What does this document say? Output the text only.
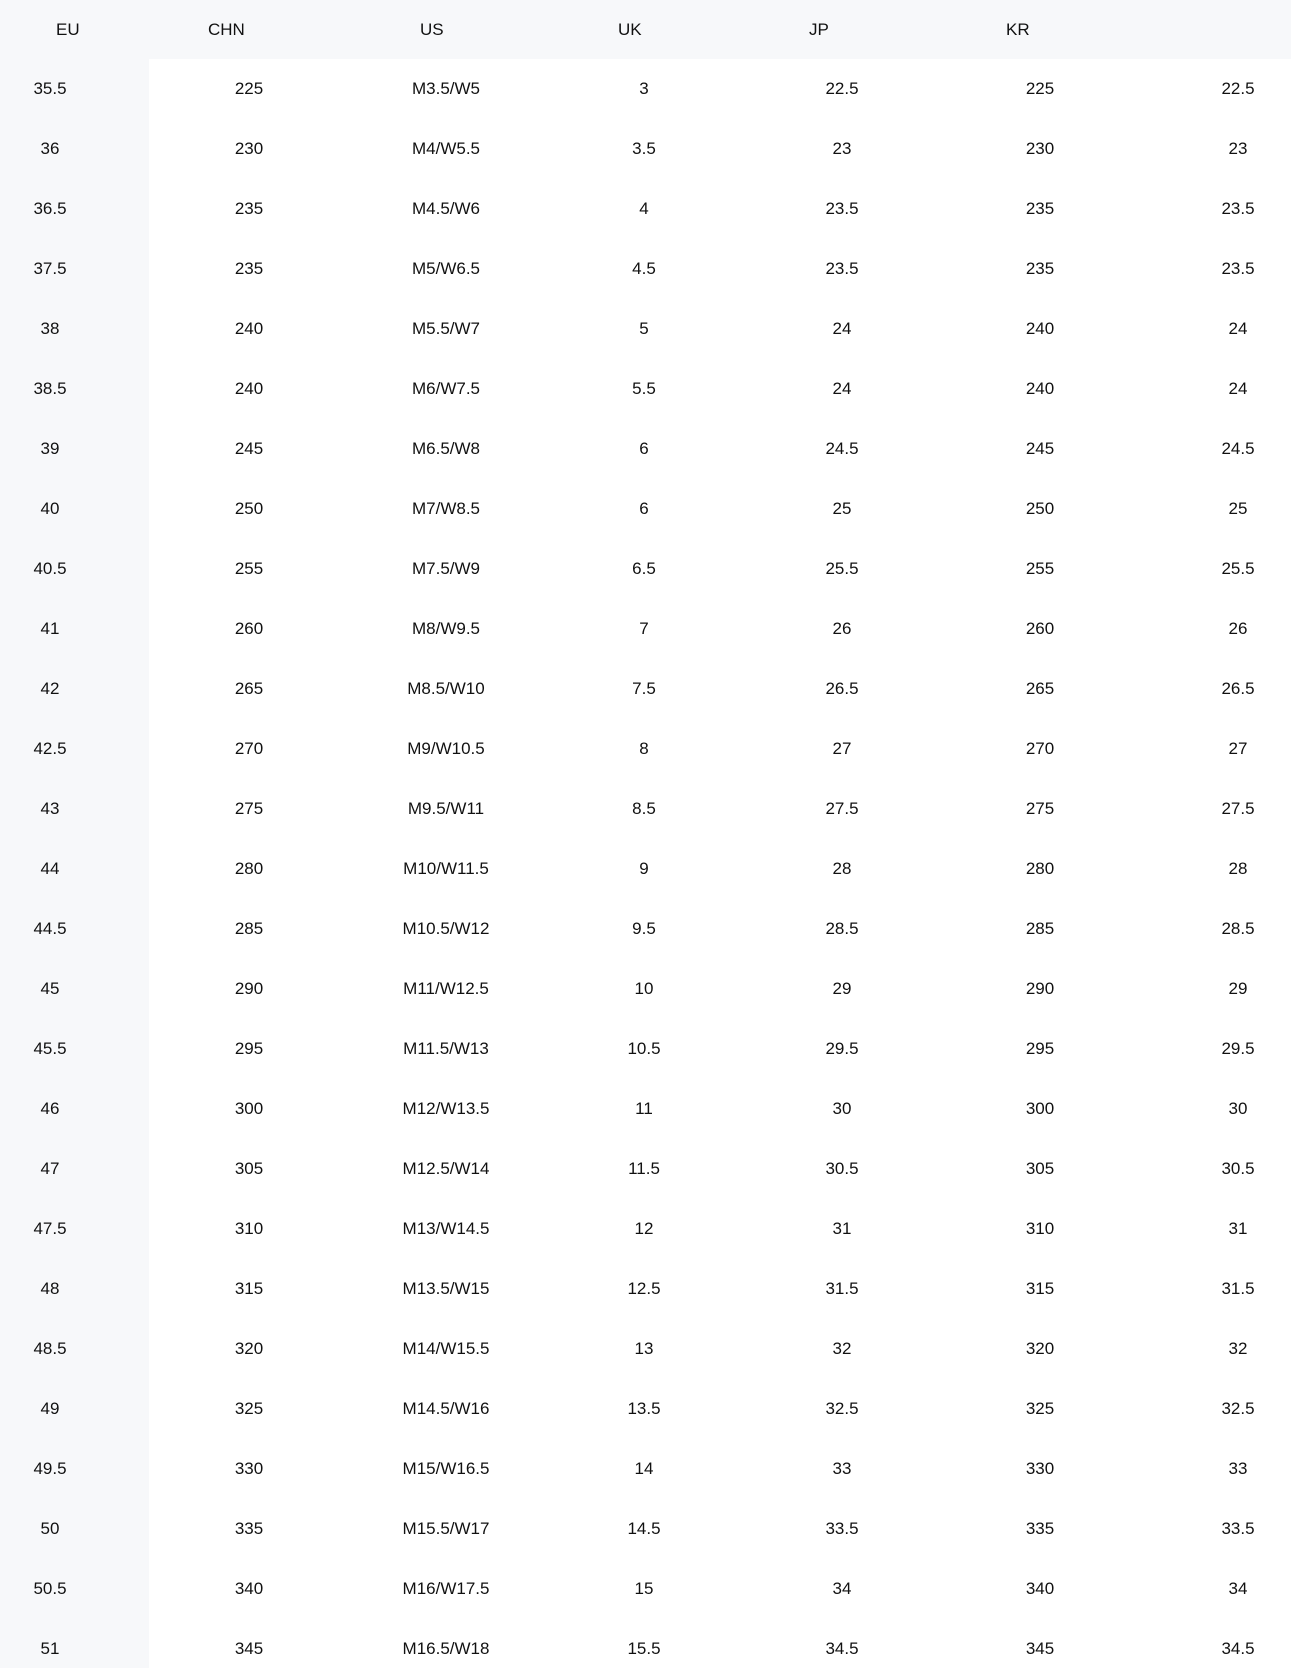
EU	CHN	US	UK	JP	KR
35.5	225	M3.5/W5	3	22.5	225	22.5
36	230	M4/W5.5	3.5	23	230	23
36.5	235	M4.5/W6	4	23.5	235	23.5
37.5	235	M5/W6.5	4.5	23.5	235	23.5
38	240	M5.5/W7	5	24	240	24
38.5	240	M6/W7.5	5.5	24	240	24
39	245	M6.5/W8	6	24.5	245	24.5
40	250	M7/W8.5	6	25	250	25
40.5	255	M7.5/W9	6.5	25.5	255	25.5
41	260	M8/W9.5	7	26	260	26
42	265	M8.5/W10	7.5	26.5	265	26.5
42.5	270	M9/W10.5	8	27	270	27
43	275	M9.5/W11	8.5	27.5	275	27.5
44	280	M10/W11.5	9	28	280	28
44.5	285	M10.5/W12	9.5	28.5	285	28.5
45	290	M11/W12.5	10	29	290	29
45.5	295	M11.5/W13	10.5	29.5	295	29.5
46	300	M12/W13.5	11	30	300	30
47	305	M12.5/W14	11.5	30.5	305	30.5
47.5	310	M13/W14.5	12	31	310	31
48	315	M13.5/W15	12.5	31.5	315	31.5
48.5	320	M14/W15.5	13	32	320	32
49	325	M14.5/W16	13.5	32.5	325	32.5
49.5	330	M15/W16.5	14	33	330	33
50	335	M15.5/W17	14.5	33.5	335	33.5
50.5	340	M16/W17.5	15	34	340	34
51	345	M16.5/W18	15.5	34.5	345	34.5
